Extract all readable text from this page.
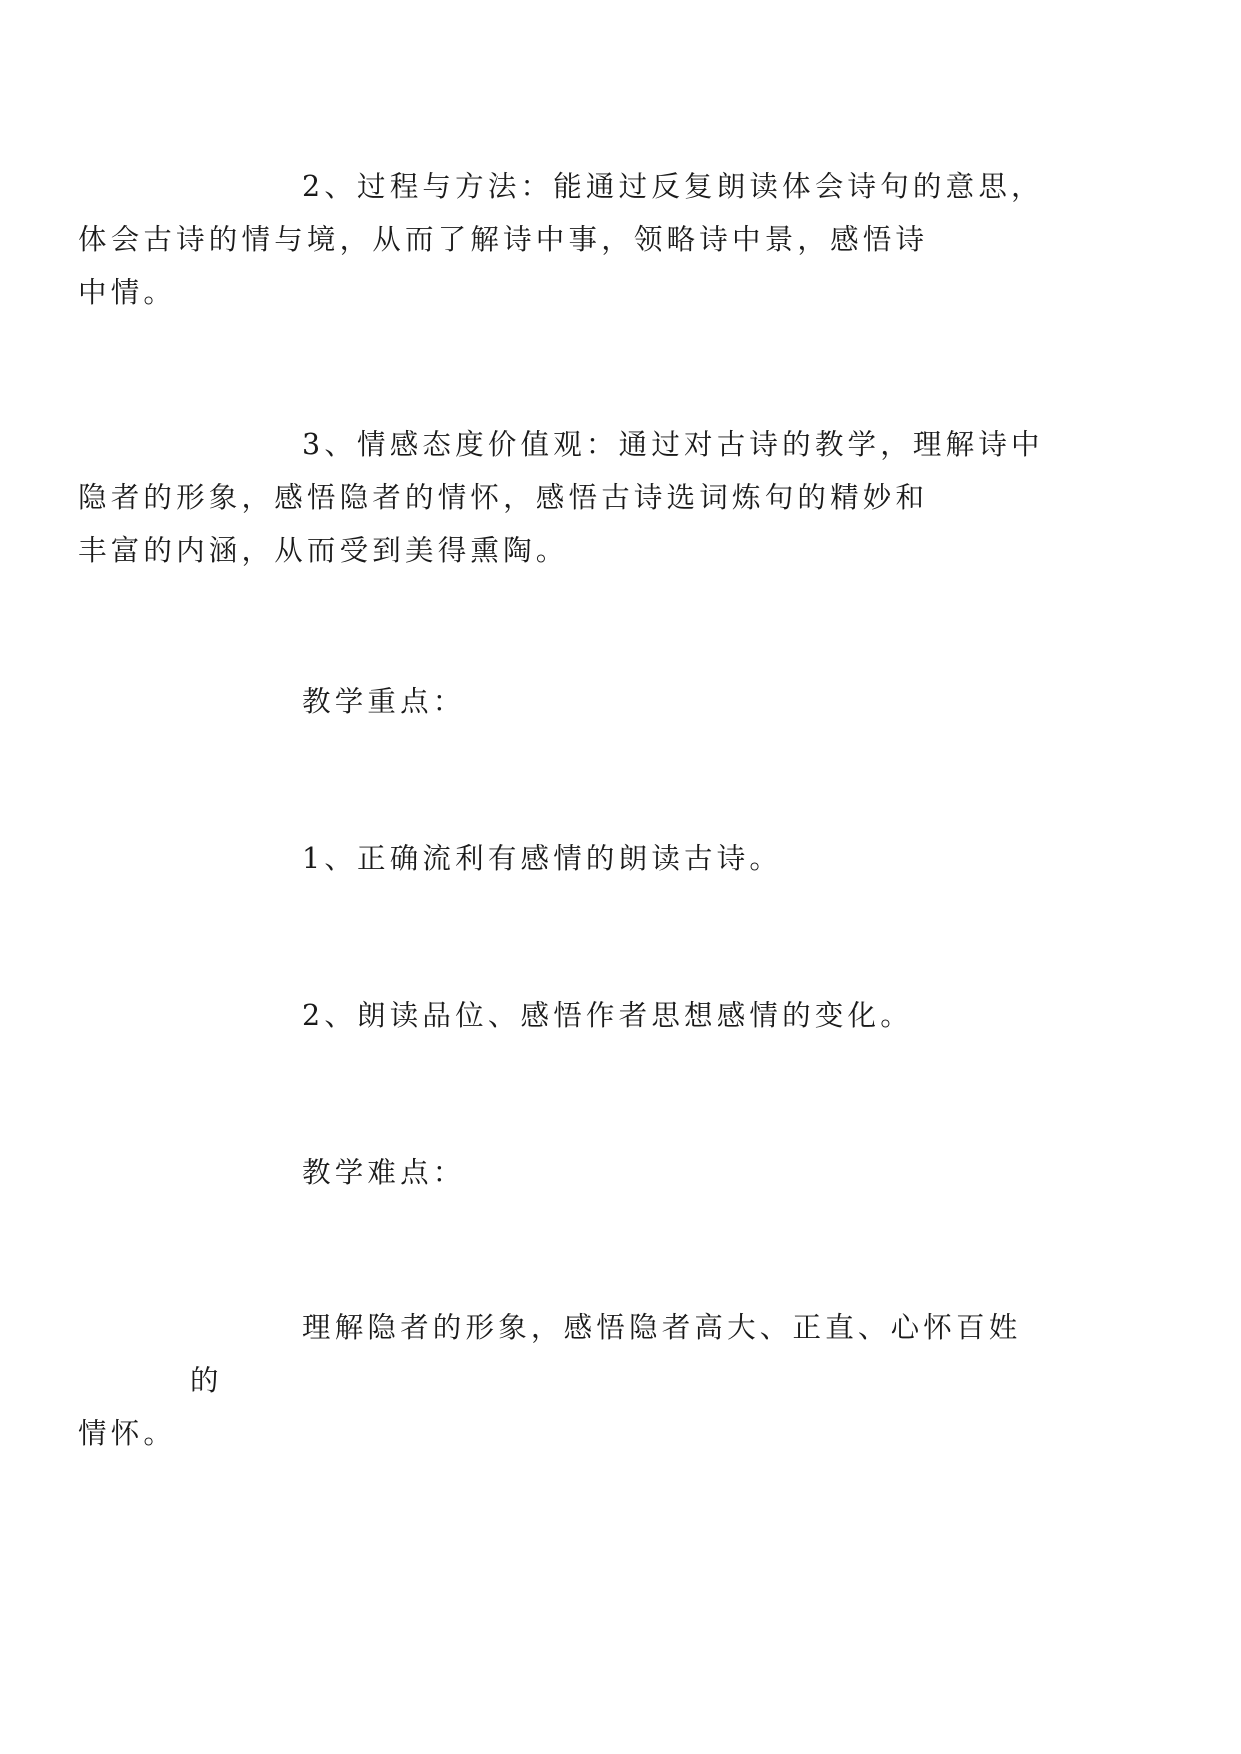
2、过程与方法：能通过反复朗读体会诗句的意思，
体会古诗的情与境，从而了解诗中事，领略诗中景，感悟诗
中情。

3、情感态度价值观：通过对古诗的教学，理解诗中
隐者的形象，感悟隐者的情怀，感悟古诗选词炼句的精妙和
丰富的内涵，从而受到美得熏陶。

教学重点：

1、正确流利有感情的朗读古诗。

2、朗读品位、感悟作者思想感情的变化。

教学难点：

理解隐者的形象，感悟隐者高大、正直、心怀百姓的
情怀。
